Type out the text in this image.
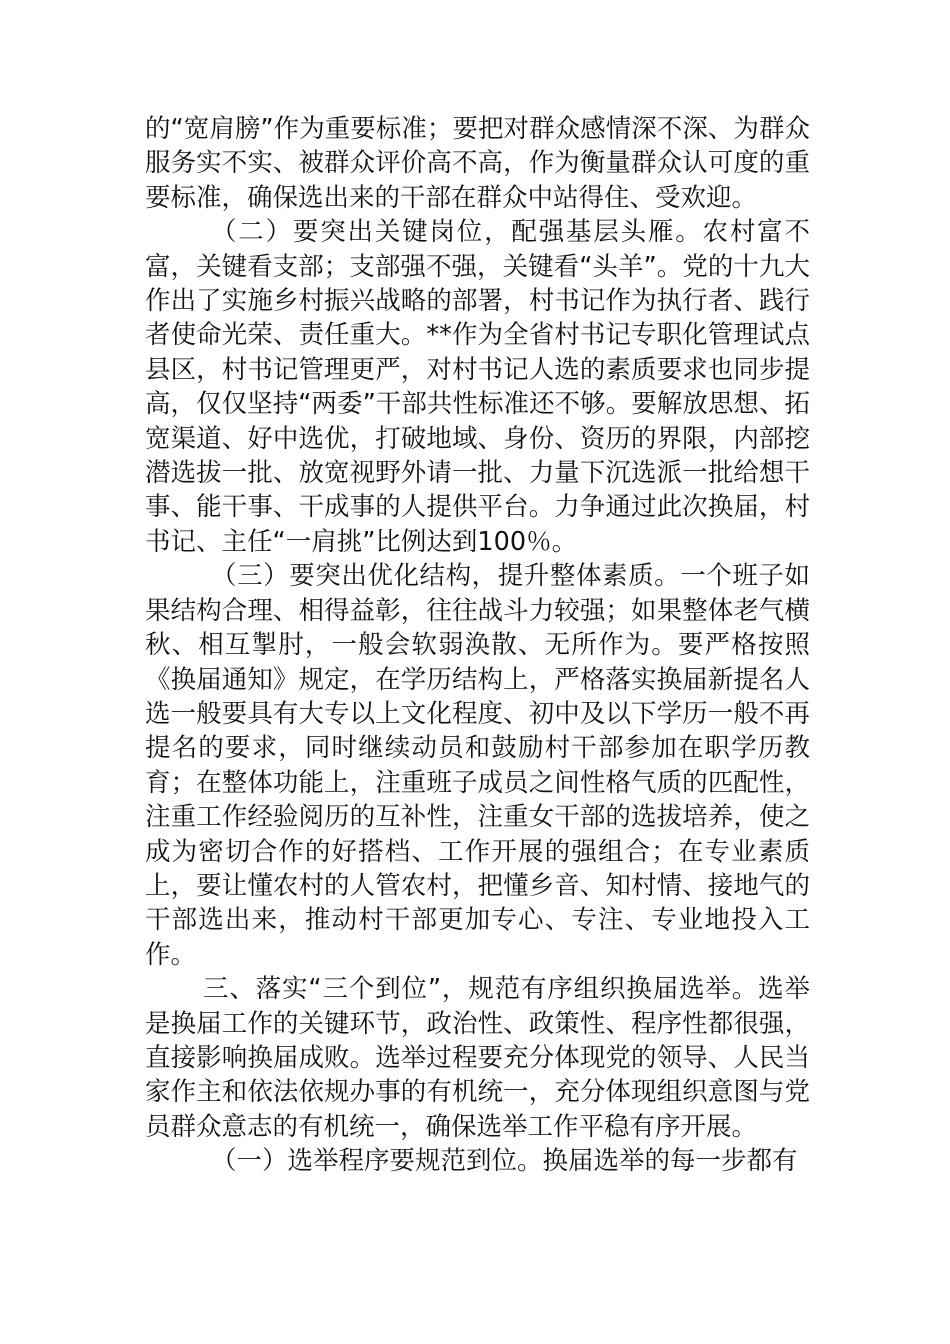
的“宽肩膀”作为重要标准；要把对群众感情深不深、为群众服务实不实、被群众评价高不高，作为衡量群众认可度的重要标准，确保选出来的干部在群众中站得住、受欢迎。

（二）要突出关键岗位，配强基层头雁。农村富不富，关键看支部；支部强不强，关键看“头羊”。党的十九大作出了实施乡村振兴战略的部署，村书记作为执行者、践行者使命光荣、责任重大。**作为全省村书记专职化管理试点县区，村书记管理更严，对村书记人选的素质要求也同步提高，仅仅坚持“两委”干部共性标准还不够。要解放思想、拓宽渠道、好中选优，打破地域、身份、资历的界限，内部挖潜选拔一批、放宽视野外请一批、力量下沉选派一批给想干事、能干事、干成事的人提供平台。力争通过此次换届，村书记、主任“一肩挑”比例达到100％。

（三）要突出优化结构，提升整体素质。一个班子如果结构合理、相得益彰，往往战斗力较强；如果整体老气横秋、相互掣肘，一般会软弱涣散、无所作为。要严格按照《换届通知》规定，在学历结构上，严格落实换届新提名人选一般要具有大专以上文化程度、初中及以下学历一般不再提名的要求，同时继续动员和鼓励村干部参加在职学历教育；在整体功能上，注重班子成员之间性格气质的匹配性，注重工作经验阅历的互补性，注重女干部的选拔培养，使之成为密切合作的好搭档、工作开展的强组合；在专业素质上，要让懂农村的人管农村，把懂乡音、知村情、接地气的干部选出来，推动村干部更加专心、专注、专业地投入工作。

三、落实“三个到位”，规范有序组织换届选举。选举是换届工作的关键环节，政治性、政策性、程序性都很强，直接影响换届成败。选举过程要充分体现党的领导、人民当家作主和依法依规办事的有机统一，充分体现组织意图与党员群众意志的有机统一，确保选举工作平稳有序开展。

（一）选举程序要规范到位。换届选举的每一步都有
